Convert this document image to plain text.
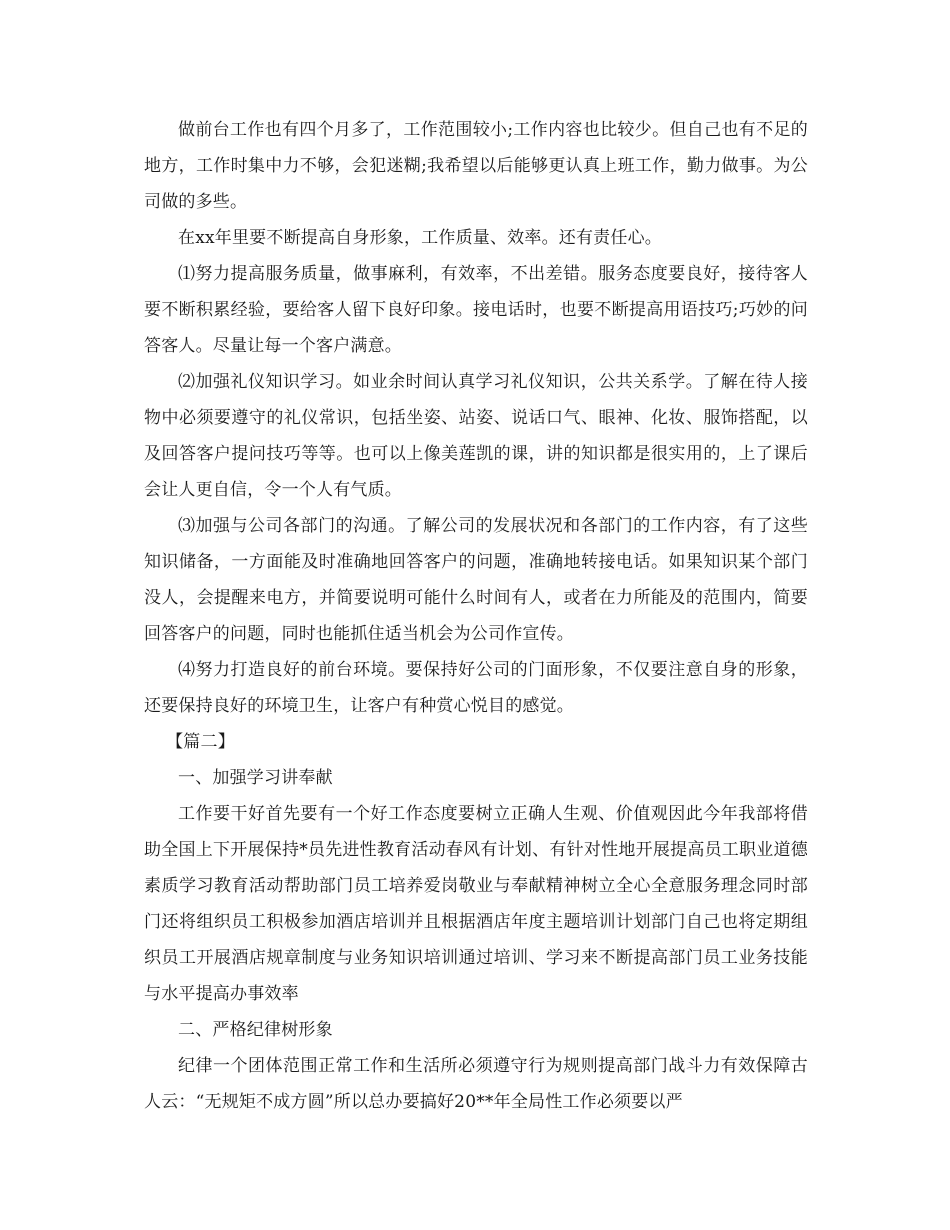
做前台工作也有四个月多了，工作范围较小;工作内容也比较少。但自己也有不足的地方，工作时集中力不够，会犯迷糊;我希望以后能够更认真上班工作，勤力做事。为公司做的多些。

在xx年里要不断提高自身形象，工作质量、效率。还有责任心。

⑴努力提高服务质量，做事麻利，有效率，不出差错。服务态度要良好，接待客人要不断积累经验，要给客人留下良好印象。接电话时，也要不断提高用语技巧;巧妙的问答客人。尽量让每一个客户满意。

⑵加强礼仪知识学习。如业余时间认真学习礼仪知识，公共关系学。了解在待人接物中必须要遵守的礼仪常识，包括坐姿、站姿、说话口气、眼神、化妆、服饰搭配，以及回答客户提问技巧等等。也可以上像美莲凯的课，讲的知识都是很实用的，上了课后会让人更自信，令一个人有气质。

⑶加强与公司各部门的沟通。了解公司的发展状况和各部门的工作内容，有了这些知识储备，一方面能及时准确地回答客户的问题，准确地转接电话。如果知识某个部门没人，会提醒来电方，并简要说明可能什么时间有人，或者在力所能及的范围内，简要回答客户的问题，同时也能抓住适当机会为公司作宣传。

⑷努力打造良好的前台环境。要保持好公司的门面形象，不仅要注意自身的形象，还要保持良好的环境卫生，让客户有种赏心悦目的感觉。

【篇二】

一、加强学习讲奉献

工作要干好首先要有一个好工作态度要树立正确人生观、价值观因此今年我部将借助全国上下开展保持*员先进性教育活动春风有计划、有针对性地开展提高员工职业道德素质学习教育活动帮助部门员工培养爱岗敬业与奉献精神树立全心全意服务理念同时部门还将组织员工积极参加酒店培训并且根据酒店年度主题培训计划部门自己也将定期组织员工开展酒店规章制度与业务知识培训通过培训、学习来不断提高部门员工业务技能与水平提高办事效率

二、严格纪律树形象

纪律一个团体范围正常工作和生活所必须遵守行为规则提高部门战斗力有效保障古人云：“无规矩不成方圆”所以总办要搞好20**年全局性工作必须要以严
